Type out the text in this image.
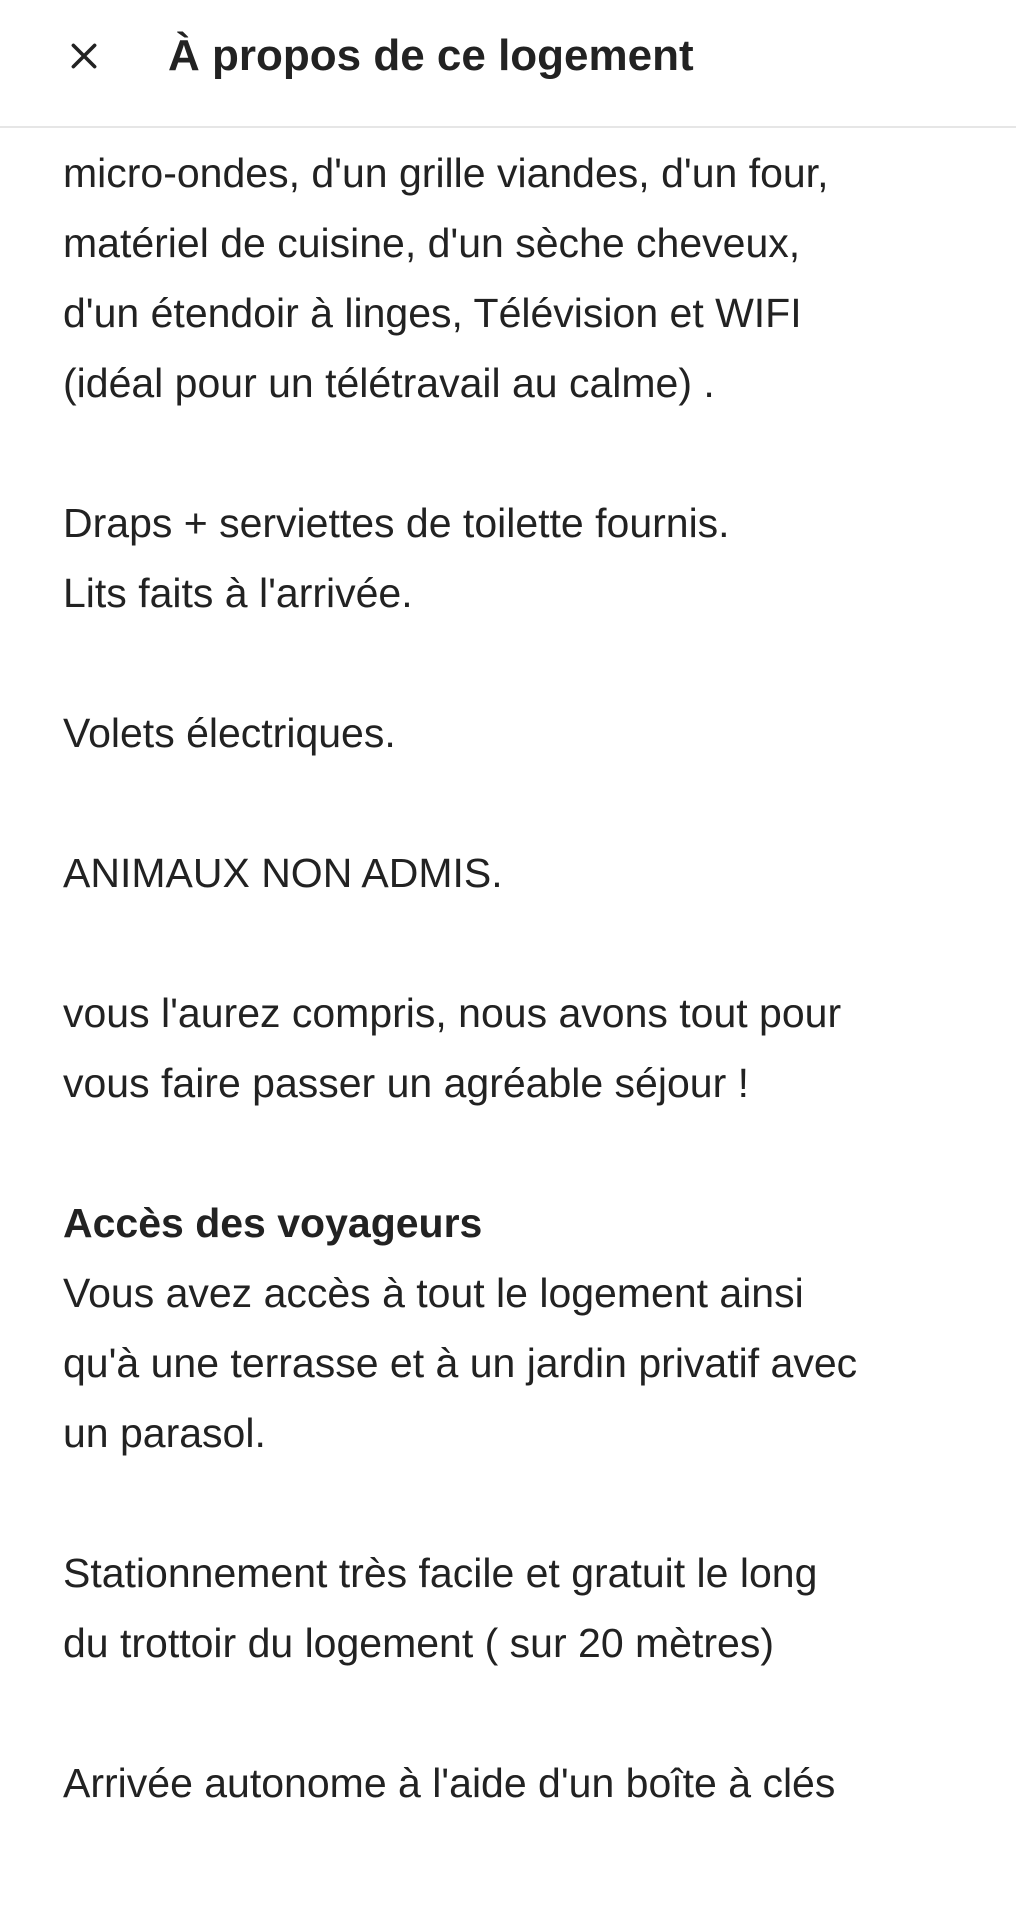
À propos de ce logement
micro-ondes, d'un grille viandes, d'un four,
matériel de cuisine, d'un sèche cheveux,
d'un étendoir à linges, Télévision et WIFI
(idéal pour un télétravail au calme) .
Draps + serviettes de toilette fournis.
Lits faits à l'arrivée.
Volets électriques.
ANIMAUX NON ADMIS.
vous l'aurez compris, nous avons tout pour
vous faire passer un agréable séjour !
Accès des voyageurs
Vous avez accès à tout le logement ainsi
qu'à une terrasse et à un jardin privatif avec
un parasol.
Stationnement très facile et gratuit le long
du trottoir du logement ( sur 20 mètres)
Arrivée autonome à l'aide d'un boîte à clés
